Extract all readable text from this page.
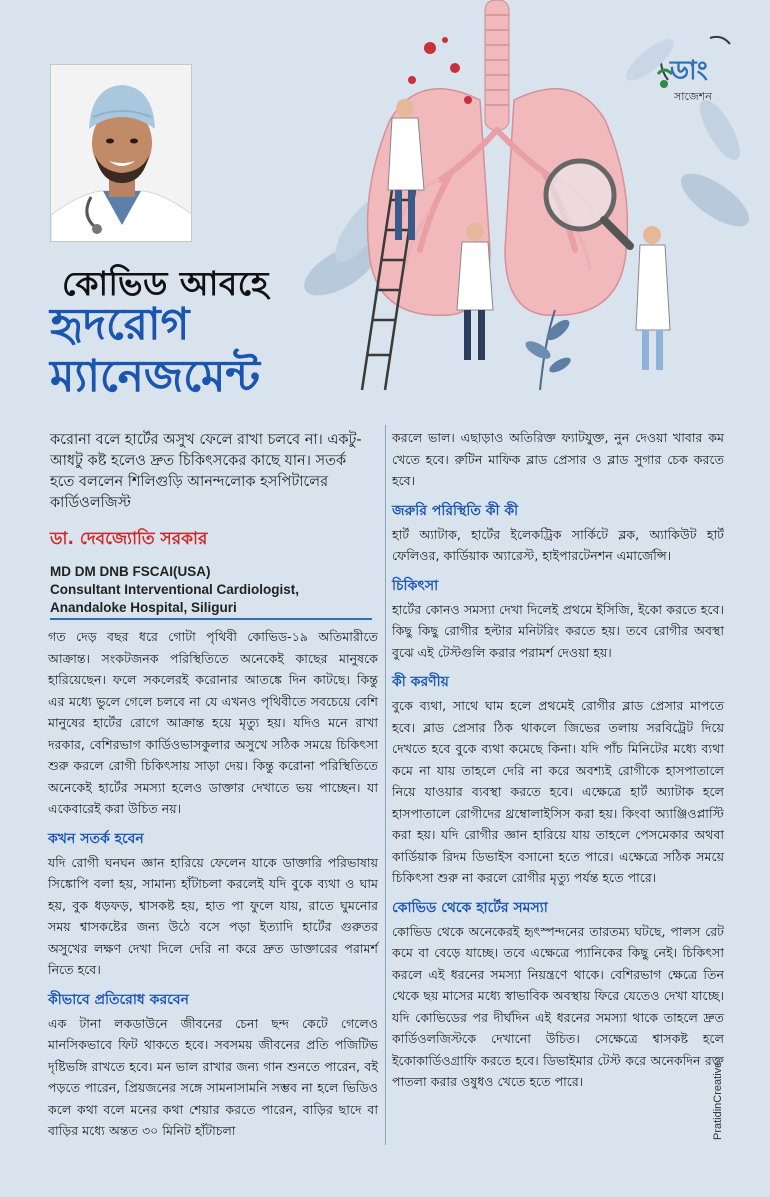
ডাং
সাজেশন
কোভিড আবহে
হৃদরোগ
ম্যানেজমেন্ট

করোনা বলে হার্টের অসুখ ফেলে রাখা চলবে না। একটু-আধটু কষ্ট হলেও দ্রুত চিকিৎসকের কাছে যান। সতর্ক হতে বললেন শিলিগুড়ি আনন্দলোক হসপিটালের কার্ডিওলজিস্ট

ডা. দেবজ্যোতি সরকার
MD DM DNB FSCAI(USA)
Consultant Interventional Cardiologist,
Anandaloke Hospital, Siliguri

গত দেড় বছর ধরে গোটা পৃথিবী কোভিড-১৯ অতিমারীতে আক্রান্ত। সংকটজনক পরিস্থিতিতে অনেকেই কাছের মানুষকে হারিয়েছেন। ফলে সকলেরই করোনার আতঙ্কে দিন কাটছে। কিন্তু এর মধ্যে ভুলে গেলে চলবে না যে এখনও পৃথিবীতে সবচেয়ে বেশি মানুষের হার্টের রোগে আক্রান্ত হয়ে মৃত্যু হয়। যদিও মনে রাখা দরকার, বেশিরভাগ কার্ডিওভাসকুলার অসুখে সঠিক সময়ে চিকিৎসা শুরু করলে রোগী চিকিৎসায় সাড়া দেয়। কিন্তু করোনা পরিস্থিতিতে অনেকেই হার্টের সমস্যা হলেও ডাক্তার দেখাতে ভয় পাচ্ছেন। যা একেবারেই করা উচিত নয়।

কখন সতর্ক হবেন

যদি রোগী ঘনঘন জ্ঞান হারিয়ে ফেলেন যাকে ডাক্তারি পরিভাষায় সিঙ্কোপি বলা হয়, সামান্য হাঁটাচলা করলেই যদি বুকে ব্যথা ও ঘাম হয়, বুক ধড়ফড়, শ্বাসকষ্ট হয়, হাত পা ফুলে যায়, রাতে ঘুমনোর সময় শ্বাসকষ্টের জন্য উঠে বসে পড়া ইত্যাদি হার্টের গুরুতর অসুখের লক্ষণ দেখা দিলে দেরি না করে দ্রুত ডাক্তারের পরামর্শ নিতে হবে।

কীভাবে প্রতিরোধ করবেন

এক টানা লকডাউনে জীবনের চেনা ছন্দ কেটে গেলেও মানসিকভাবে ফিট থাকতে হবে। সবসময় জীবনের প্রতি পজিটিভ দৃষ্টিভঙ্গি রাখতে হবে। মন ভাল রাখার জন্য গান শুনতে পারেন, বই পড়তে পারেন, প্রিয়জনের সঙ্গে সামনাসামনি সম্ভব না হলে ভিডিও কলে কথা বলে মনের কথা শেয়ার করতে পারেন, বাড়ির ছাদে বা বাড়ির মধ্যে অন্তত ৩০ মিনিট হাঁটাচলা

করলে ভাল। এছাড়াও অতিরিক্ত ফ্যাটযুক্ত, নুন দেওয়া খাবার কম খেতে হবে। রুটিন মাফিক ব্লাড প্রেসার ও ব্লাড সুগার চেক করতে হবে।

জরুরি পরিস্থিতি কী কী

হার্ট অ্যাটাক, হার্টের ইলেকট্রিক সার্কিটে ব্লক, অ্যাকিউট হার্ট ফেলিওর, কার্ডিয়াক অ্যারেস্ট, হাইপারটেনশন এমার্জেন্সি।

চিকিৎসা

হার্টের কোনও সমস্যা দেখা দিলেই প্রথমে ইসিজি, ইকো করতে হবে। কিছু কিছু রোগীর হল্টার মনিটরিং করতে হয়। তবে রোগীর অবস্থা বুঝে এই টেস্টগুলি করার পরামর্শ দেওয়া হয়।

কী করণীয়

বুকে ব্যথা, সাথে ঘাম হলে প্রথমেই রোগীর ব্লাড প্রেসার মাপতে হবে। ব্লাড প্রেসার ঠিক থাকলে জিভের তলায় সরবিট্রেট দিয়ে দেখতে হবে বুকে ব্যথা কমেছে কিনা। যদি পাঁচ মিনিটের মধ্যে ব্যথা কমে না যায় তাহলে দেরি না করে অবশ্যই রোগীকে হাসপাতালে নিয়ে যাওয়ার ব্যবস্থা করতে হবে। এক্ষেত্রে হার্ট অ্যাটাক হলে হাসপাতালে রোগীদের থ্রম্বোলাইসিস করা হয়। কিংবা অ্যাঞ্জিওপ্লাস্টি করা হয়। যদি রোগীর জ্ঞান হারিয়ে যায় তাহলে পেসমেকার অথবা কার্ডিয়াক রিদম ডিভাইস বসানো হতে পারে। এক্ষেত্রে সঠিক সময়ে চিকিৎসা শুরু না করলে রোগীর মৃত্যু পর্যন্ত হতে পারে।

কোভিড থেকে হার্টের সমস্যা

কোভিড থেকে অনেকেরই হৃৎস্পন্দনের তারতম্য ঘটছে, পালস রেট কমে বা বেড়ে যাচ্ছে। তবে এক্ষেত্রে প্যানিকের কিছু নেই। চিকিৎসা করলে এই ধরনের সমস্যা নিয়ন্ত্রণে থাকে। বেশিরভাগ ক্ষেত্রে তিন থেকে ছয় মাসের মধ্যে স্বাভাবিক অবস্থায় ফিরে যেতেও দেখা যাচ্ছে। যদি কোভিডের পর দীর্ঘদিন এই ধরনের সমস্যা থাকে তাহলে দ্রুত কার্ডিওলজিস্টকে দেখানো উচিত। সেক্ষেত্রে শ্বাসকষ্ট হলে ইকোকার্ডিওগ্রাফি করতে হবে। ডিভাইমার টেস্ট করে অনেকদিন রক্ত পাতলা করার ওষুধও খেতে হতে পারে।	PratidinCreative
